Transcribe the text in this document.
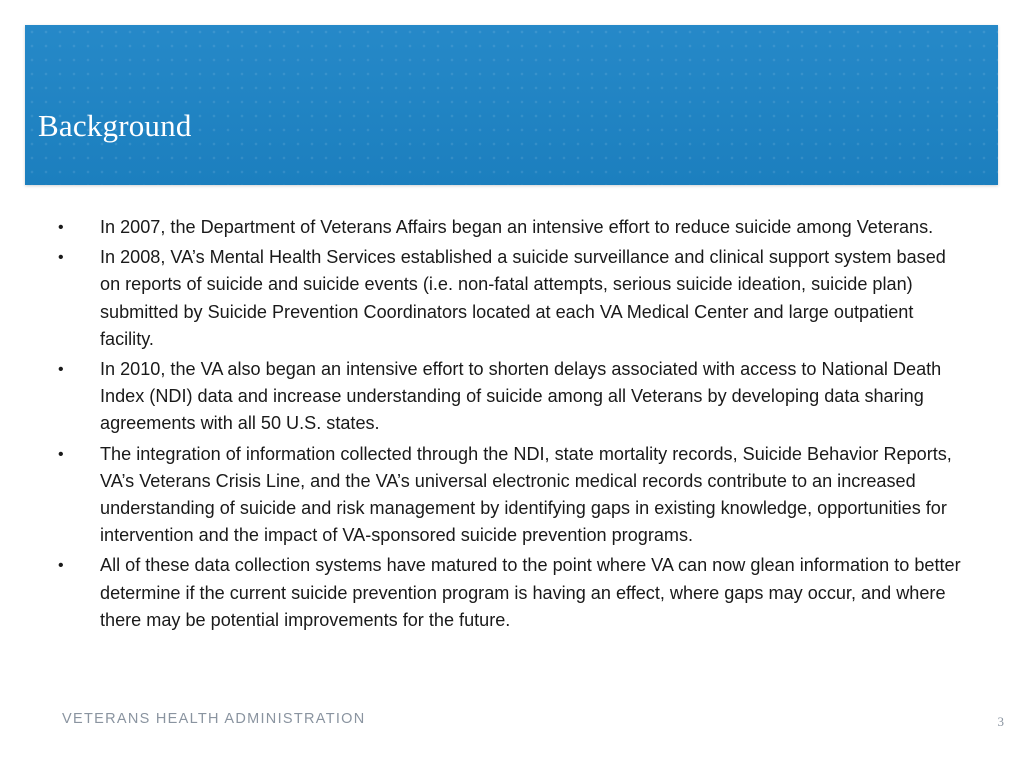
Background
•	In 2007, the Department of Veterans Affairs began an intensive effort to reduce suicide among Veterans.
•	In 2008, VA’s Mental Health Services established a suicide surveillance and clinical support system based on reports of suicide and suicide events (i.e. non-fatal attempts, serious suicide ideation, suicide plan) submitted by Suicide Prevention Coordinators located at each VA Medical Center and large outpatient facility.
•	In 2010, the VA also began an intensive effort to shorten delays associated with access to National Death Index (NDI) data and increase understanding of suicide among all Veterans by developing data sharing agreements with all 50 U.S. states.
•	The integration of information collected through the NDI, state mortality records, Suicide Behavior Reports, VA’s Veterans Crisis Line, and the VA’s universal electronic medical records contribute to an increased understanding of suicide and risk management by identifying gaps in existing knowledge, opportunities for intervention and the impact of VA-sponsored suicide prevention programs.
•	All of these data collection systems have matured to the point where VA can now glean information to better determine if the current suicide prevention program is having an effect, where gaps may occur, and where there may be potential improvements for the future.
VETERANS HEALTH ADMINISTRATION	3
